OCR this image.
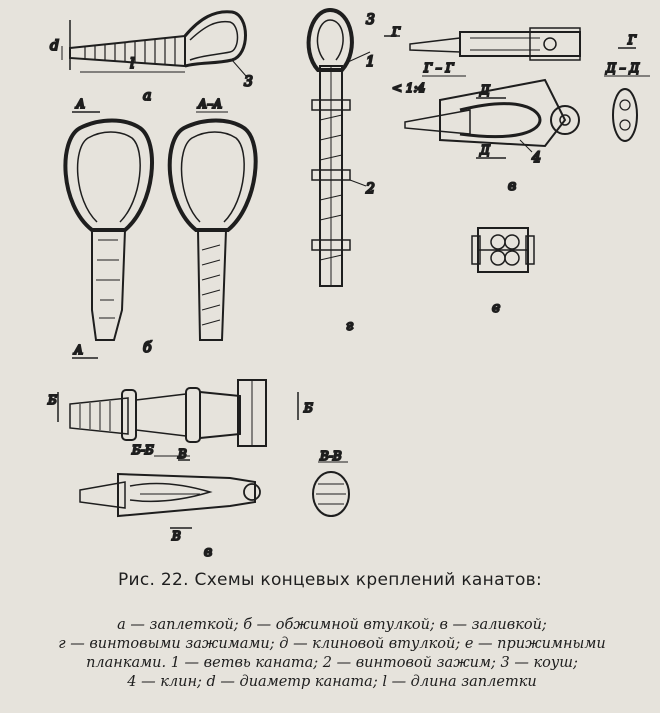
d
l
3
а
А	А–А
б
А
3
1
2
г
Г
Г
Г – Г
< 1:4	Д
Д – Д
Д	4
в
е
Б
Б
Б-Б В
В
В-В
в
Рис. 22. Схемы концевых креплений канатов:
а — заплеткой; б — обжимной втулкой; в — заливкой;
г — винтовыми зажимами; д — клиновой втулкой; е — прижимными
планками. 1 — ветвь каната; 2 — винтовой зажим; 3 — коуш;
4 — клин; d — диаметр каната; l — длина заплетки
